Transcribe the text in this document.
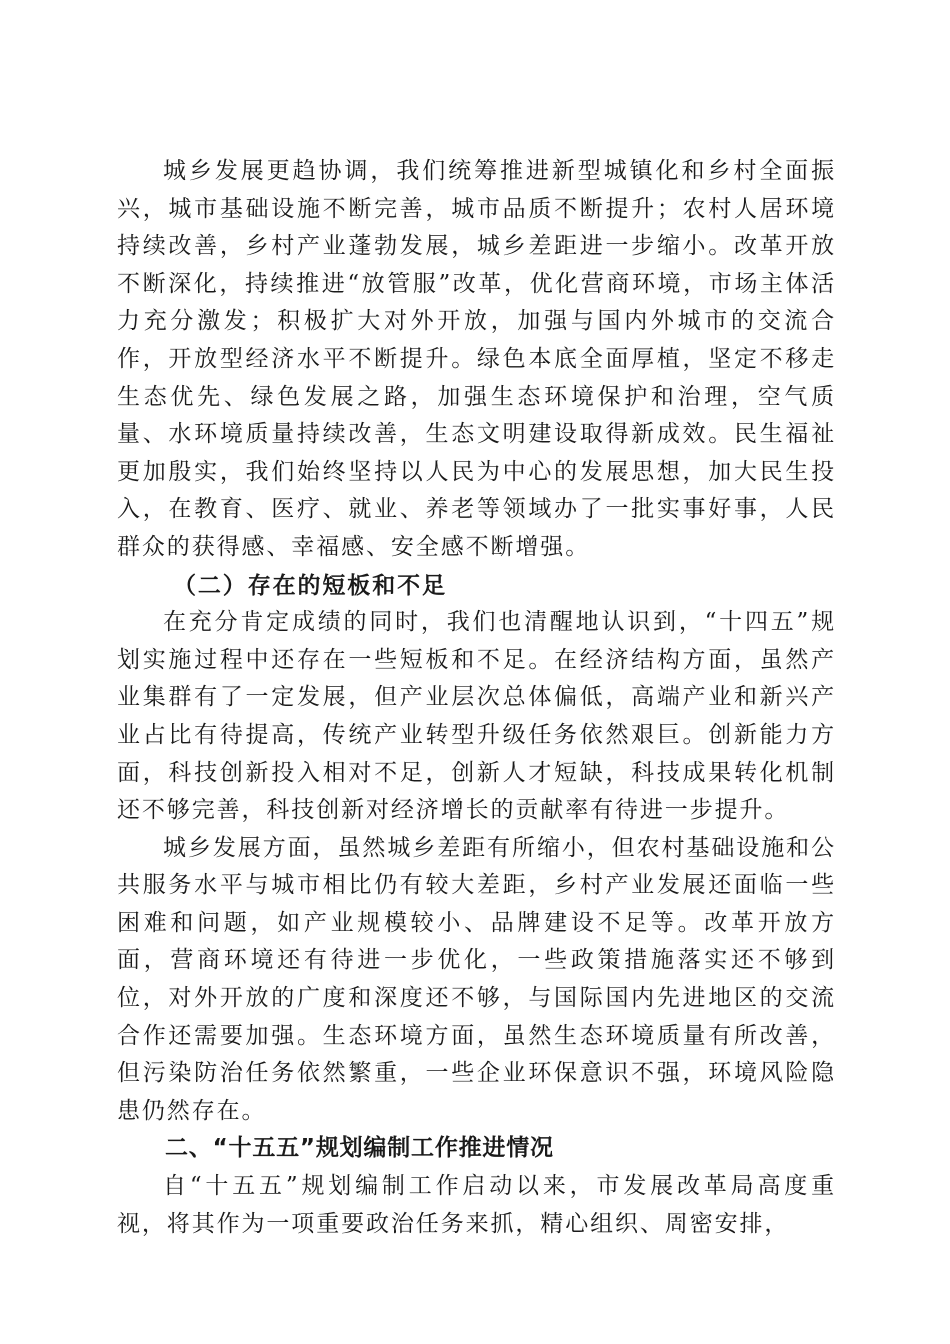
城乡发展更趋协调，我们统筹推进新型城镇化和乡村全面振兴，城市基础设施不断完善，城市品质不断提升；农村人居环境持续改善，乡村产业蓬勃发展，城乡差距进一步缩小。改革开放不断深化，持续推进“放管服”改革，优化营商环境，市场主体活力充分激发；积极扩大对外开放，加强与国内外城市的交流合作，开放型经济水平不断提升。绿色本底全面厚植，坚定不移走生态优先、绿色发展之路，加强生态环境保护和治理，空气质量、水环境质量持续改善，生态文明建设取得新成效。民生福祉更加殷实，我们始终坚持以人民为中心的发展思想，加大民生投入，在教育、医疗、就业、养老等领域办了一批实事好事，人民群众的获得感、幸福感、安全感不断增强。

（二）存在的短板和不足

在充分肯定成绩的同时，我们也清醒地认识到，“十四五”规划实施过程中还存在一些短板和不足。在经济结构方面，虽然产业集群有了一定发展，但产业层次总体偏低，高端产业和新兴产业占比有待提高，传统产业转型升级任务依然艰巨。创新能力方面，科技创新投入相对不足，创新人才短缺，科技成果转化机制还不够完善，科技创新对经济增长的贡献率有待进一步提升。

城乡发展方面，虽然城乡差距有所缩小，但农村基础设施和公共服务水平与城市相比仍有较大差距，乡村产业发展还面临一些困难和问题，如产业规模较小、品牌建设不足等。改革开放方面，营商环境还有待进一步优化，一些政策措施落实还不够到位，对外开放的广度和深度还不够，与国际国内先进地区的交流合作还需要加强。生态环境方面，虽然生态环境质量有所改善，但污染防治任务依然繁重，一些企业环保意识不强，环境风险隐患仍然存在。

二、“十五五”规划编制工作推进情况

自“十五五”规划编制工作启动以来，市发展改革局高度重视，将其作为一项重要政治任务来抓，精心组织、周密安排，
